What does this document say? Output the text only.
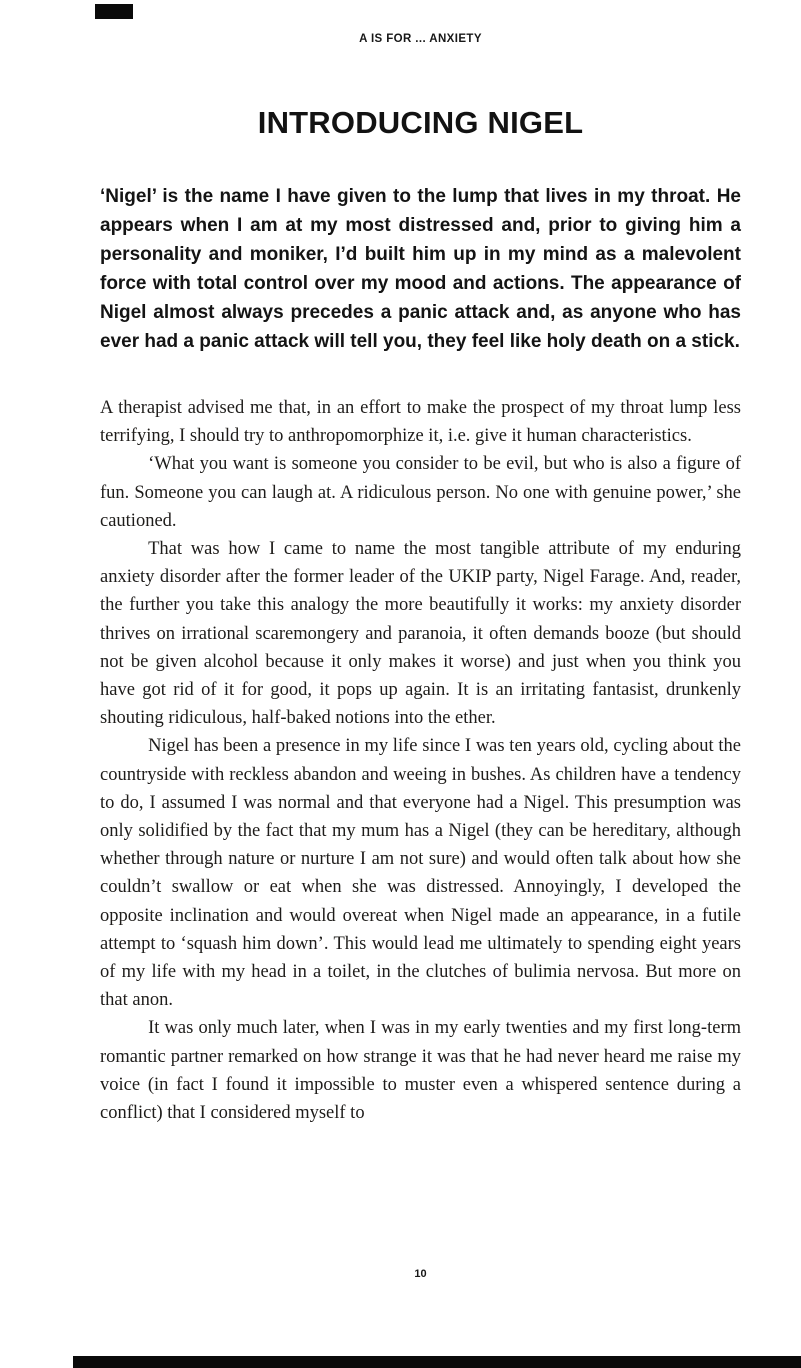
A IS FOR ... ANXIETY
INTRODUCING NIGEL

‘Nigel’ is the name I have given to the lump that lives in my throat. He appears when I am at my most distressed and, prior to giving him a personality and moniker, I’d built him up in my mind as a malevolent force with total control over my mood and actions. The appearance of Nigel almost always precedes a panic attack and, as anyone who has ever had a panic attack will tell you, they feel like holy death on a stick.

A therapist advised me that, in an effort to make the prospect of my throat lump less terrifying, I should try to anthropomorphize it, i.e. give it human characteristics.

‘What you want is someone you consider to be evil, but who is also a figure of fun. Someone you can laugh at. A ridiculous person. No one with genuine power,’ she cautioned.

That was how I came to name the most tangible attribute of my enduring anxiety disorder after the former leader of the UKIP party, Nigel Farage. And, reader, the further you take this analogy the more beautifully it works: my anxiety disorder thrives on irrational scaremongery and paranoia, it often demands booze (but should not be given alcohol because it only makes it worse) and just when you think you have got rid of it for good, it pops up again. It is an irritating fantasist, drunkenly shouting ridiculous, half-baked notions into the ether.

Nigel has been a presence in my life since I was ten years old, cycling about the countryside with reckless abandon and weeing in bushes. As children have a tendency to do, I assumed I was normal and that everyone had a Nigel. This presumption was only solidified by the fact that my mum has a Nigel (they can be hereditary, although whether through nature or nurture I am not sure) and would often talk about how she couldn’t swallow or eat when she was distressed. Annoyingly, I developed the opposite inclination and would overeat when Nigel made an appearance, in a futile attempt to ‘squash him down’. This would lead me ultimately to spending eight years of my life with my head in a toilet, in the clutches of bulimia nervosa. But more on that anon.

It was only much later, when I was in my early twenties and my first long-term romantic partner remarked on how strange it was that he had never heard me raise my voice (in fact I found it impossible to muster even a whispered sentence during a conflict) that I considered myself to

10
